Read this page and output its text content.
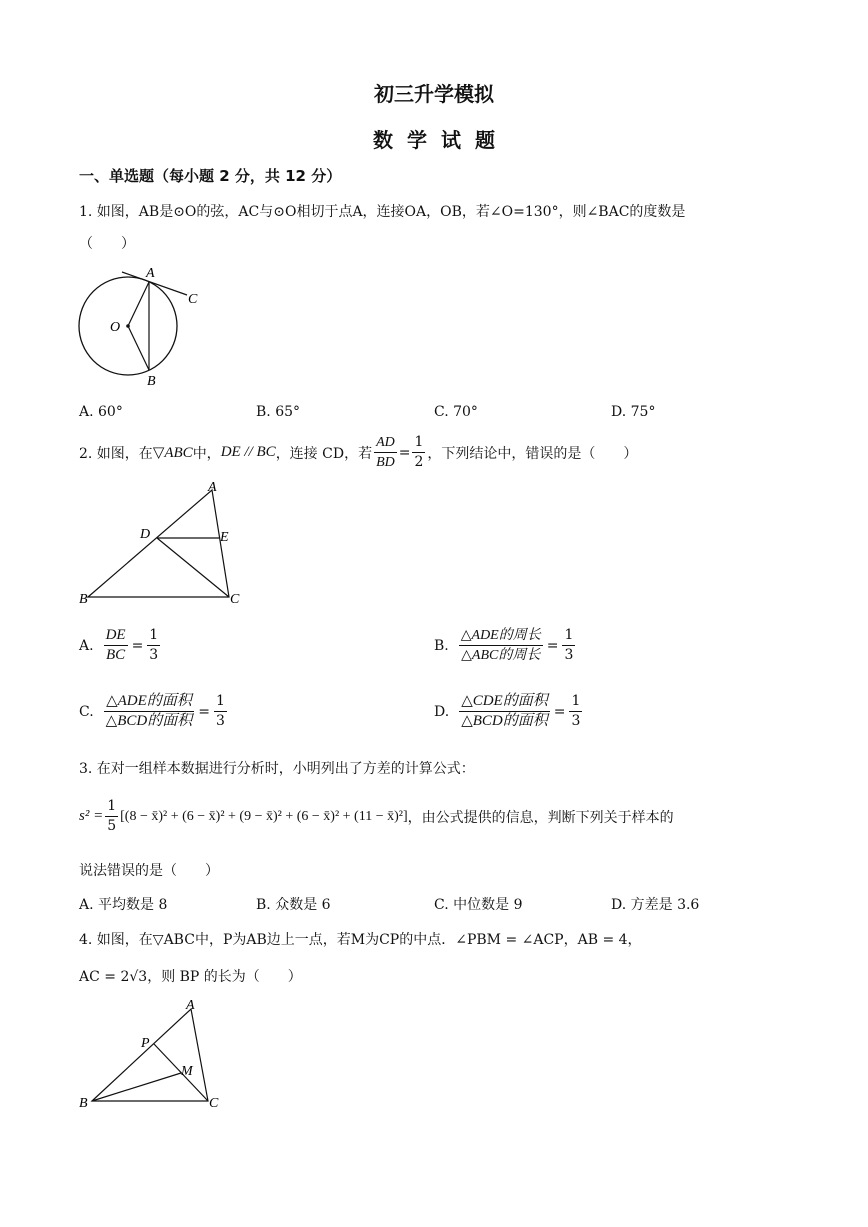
初三升学模拟
数学试题
一、单选题（每小题 2 分，共 12 分）
1. 如图，AB是⊙O的弦，AC与⊙O相切于点A，连接OA，OB，若∠O=130°，则∠BAC的度数是
（　　）
A
C
O
B
A. 60°	B. 65°	C. 70°	D. 75°
2. 如图，在 ▽ABC 中， DE // BC ，连接 CD，若 $\frac{AD}{BD} = \frac{1}{2}$ ，下列结论中，错误的是（　　）
A
D	E
B	C
A. $\frac{DE}{BC} = \frac{1}{3}$	B. $\frac{\text{△ADE的周长}}{\text{△ABC的周长}} = \frac{1}{3}$
C. $\frac{\text{△ADE的面积}}{\text{△BCD的面积}} = \frac{1}{3}$	D. $\frac{\text{△CDE的面积}}{\text{△BCD的面积}} = \frac{1}{3}$
3. 在对一组样本数据进行分析时，小明列出了方差的计算公式：
$s^2 = \frac{1}{5} [(8$ − x̄)² + (6 − x̄)² + (9 − x̄)² + (6 − x̄)² + (11 − x̄)²] ，由公式提供的信息，判断下列关于样本的
说法错误的是（　　）
A. 平均数是 8	B. 众数是 6	C. 中位数是 9	D. 方差是 3.6
4. 如图，在▽ABC中，P为AB边上一点，若M为CP的中点．∠PBM = ∠ACP，AB = 4，
AC = 2√3，则 BP 的长为（　　）
A
P
M
B	C
